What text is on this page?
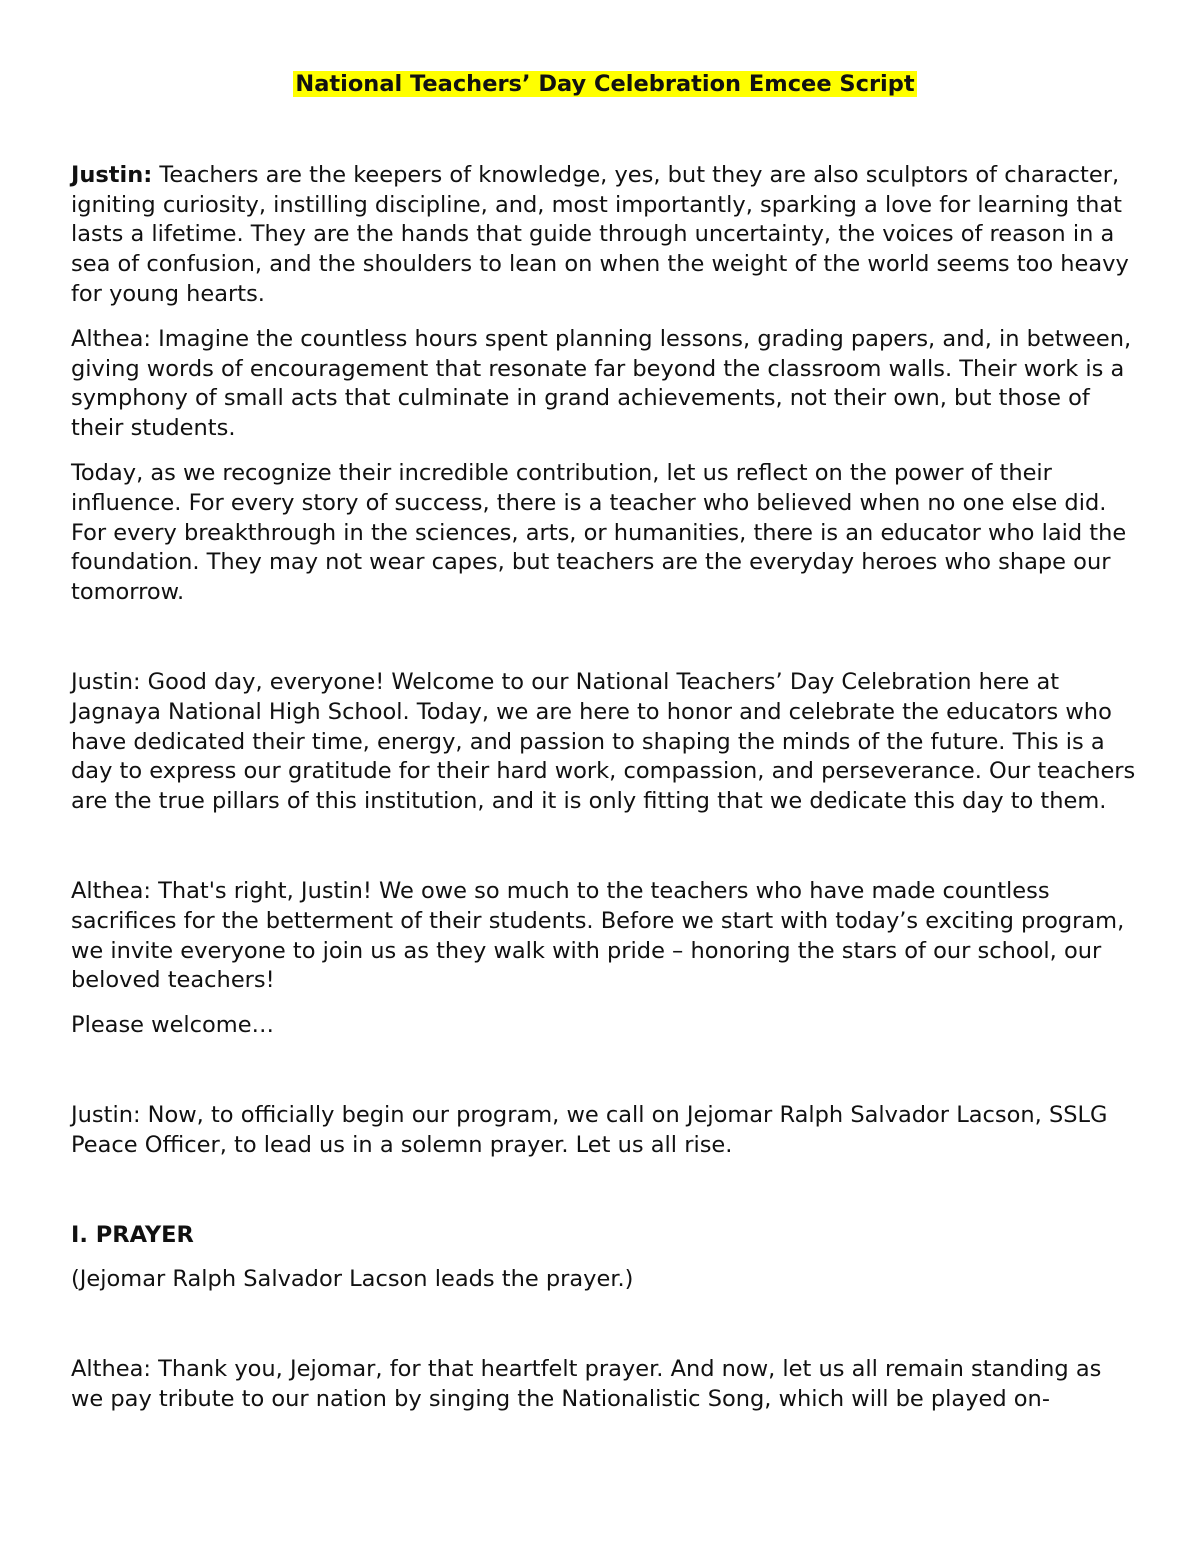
National Teachers’ Day Celebration Emcee Script

Justin: Teachers are the keepers of knowledge, yes, but they are also sculptors of character, igniting curiosity, instilling discipline, and, most importantly, sparking a love for learning that lasts a lifetime. They are the hands that guide through uncertainty, the voices of reason in a sea of confusion, and the shoulders to lean on when the weight of the world seems too heavy for young hearts.

Althea: Imagine the countless hours spent planning lessons, grading papers, and, in between, giving words of encouragement that resonate far beyond the classroom walls. Their work is a symphony of small acts that culminate in grand achievements, not their own, but those of their students.

Today, as we recognize their incredible contribution, let us reflect on the power of their influence. For every story of success, there is a teacher who believed when no one else did. For every breakthrough in the sciences, arts, or humanities, there is an educator who laid the foundation. They may not wear capes, but teachers are the everyday heroes who shape our tomorrow.

Justin: Good day, everyone! Welcome to our National Teachers’ Day Celebration here at Jagnaya National High School. Today, we are here to honor and celebrate the educators who have dedicated their time, energy, and passion to shaping the minds of the future. This is a day to express our gratitude for their hard work, compassion, and perseverance. Our teachers are the true pillars of this institution, and it is only fitting that we dedicate this day to them.

Althea: That's right, Justin! We owe so much to the teachers who have made countless sacrifices for the betterment of their students. Before we start with today’s exciting program, we invite everyone to join us as they walk with pride – honoring the stars of our school, our beloved teachers!

Please welcome…

Justin: Now, to officially begin our program, we call on Jejomar Ralph Salvador Lacson, SSLG Peace Officer, to lead us in a solemn prayer. Let us all rise.

I. PRAYER

(Jejomar Ralph Salvador Lacson leads the prayer.)

Althea: Thank you, Jejomar, for that heartfelt prayer. And now, let us all remain standing as we pay tribute to our nation by singing the Nationalistic Song, which will be played on-
